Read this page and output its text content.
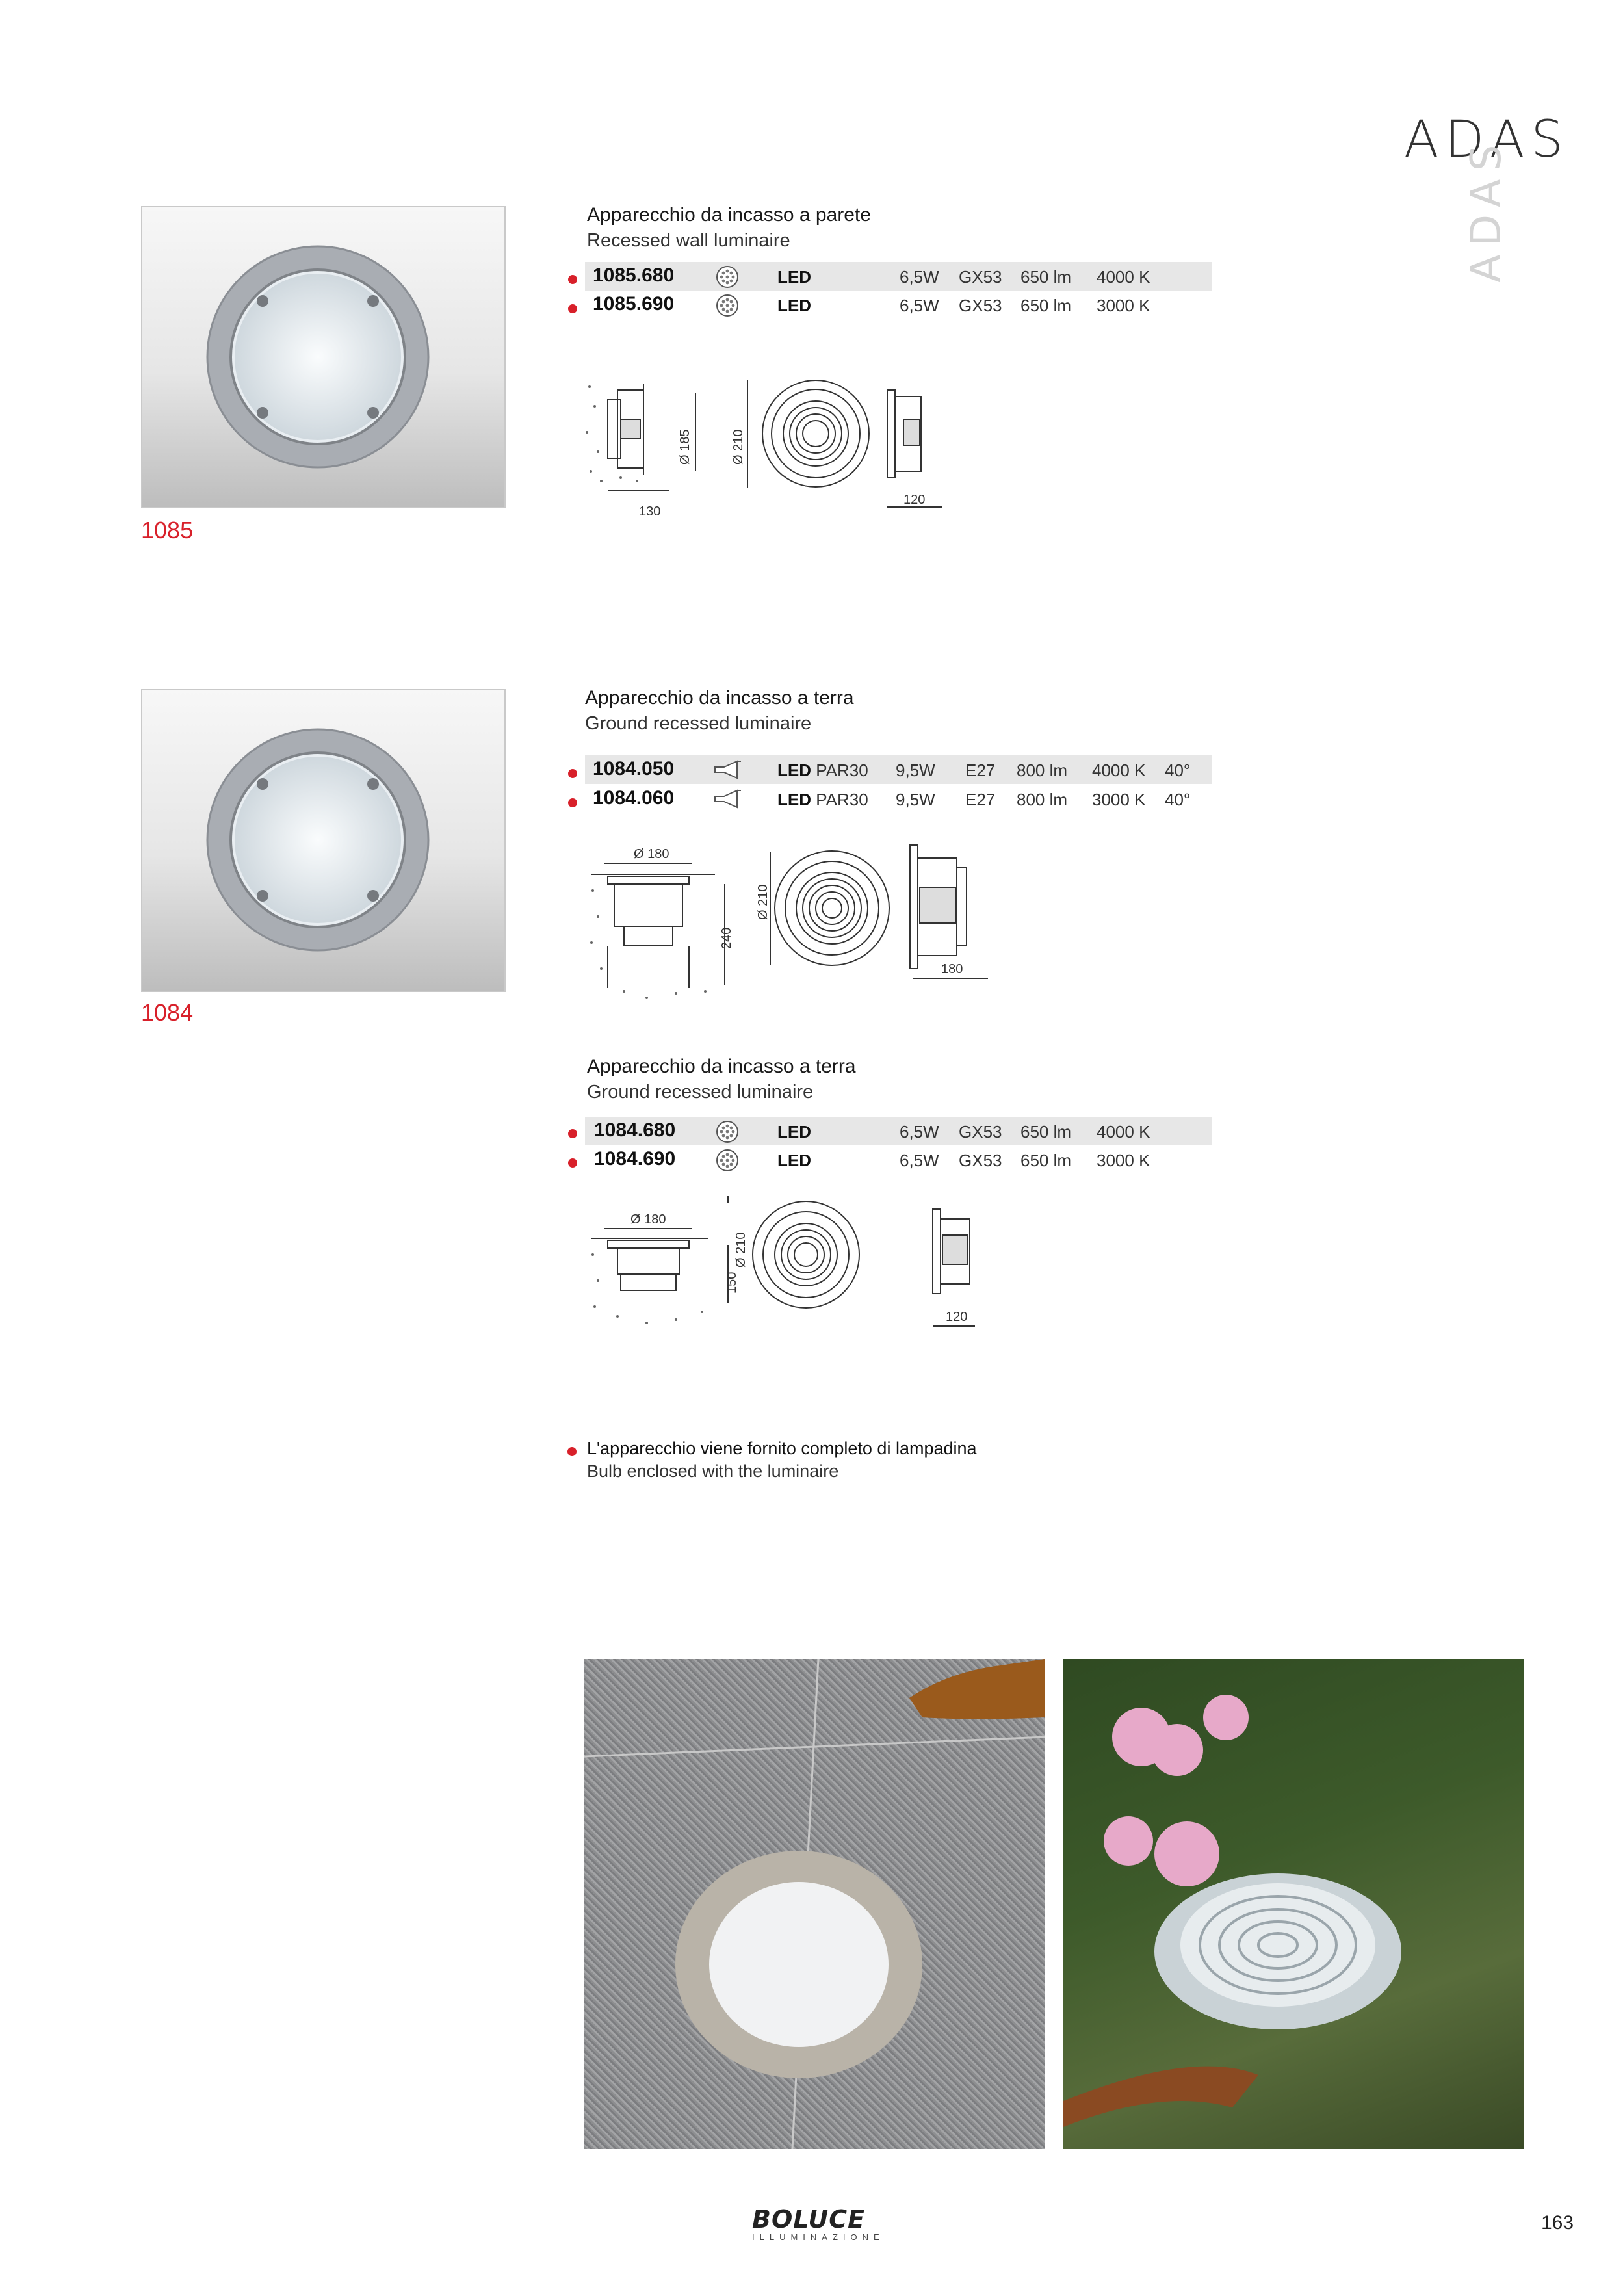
ADAS
ADAS
1085
Apparecchio da incasso a parete
Recessed wall luminaire
1085.680	LED	6,5W GX53 650 lm 4000 K
1085.690	LED	6,5W GX53 650 lm 3000 K
130
Ø 185	Ø 210
120
1084
Apparecchio da incasso a terra
Ground recessed luminaire
1084.050	LED PAR30 9,5W E27 800 lm 4000 K 40°
1084.060	LED PAR30 9,5W E27 800 lm 3000 K 40°
Ø 180
240
Ø 210
180
Apparecchio da incasso a terra
Ground recessed luminaire
1084.680	LED	6,5W GX53 650 lm 4000 K
1084.690	LED	6,5W GX53 650 lm 3000 K
Ø 180
150
Ø 210
120
L'apparecchio viene fornito completo di lampadina
Bulb enclosed with the luminaire
BOLUCE
ILLUMINAZIONE
163
